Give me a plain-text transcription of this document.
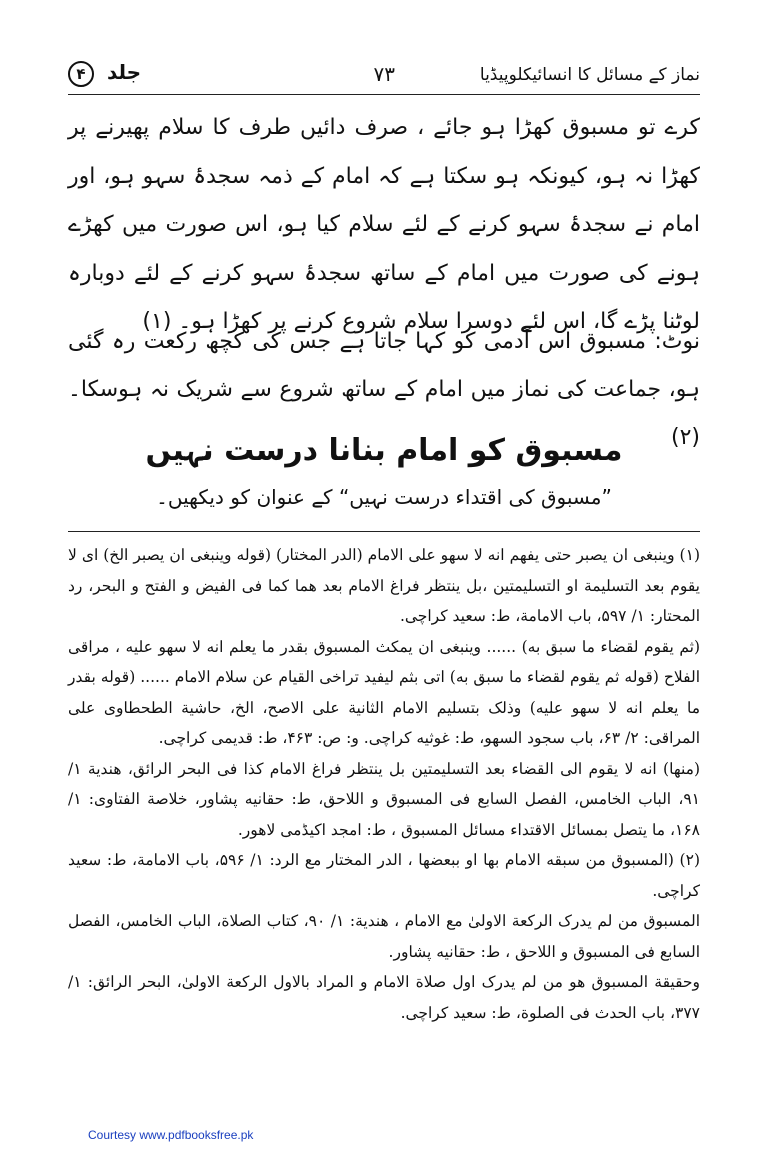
نماز کے مسائل کا انسائیکلوپیڈیا
۷۳
جلد ۴
کرے تو مسبوق کھڑا ہو جائے ، صرف دائیں طرف کا سلام پھیرنے پر کھڑا نہ ہو، کیونکہ ہو سکتا ہے کہ امام کے ذمہ سجدۂ سہو ہو، اور امام نے سجدۂ سہو کرنے کے لئے سلام کیا ہو، اس صورت میں کھڑے ہونے کی صورت میں امام کے ساتھ سجدۂ سہو کرنے کے لئے دوبارہ لوٹنا پڑے گا، اس لئے دوسرا سلام شروع کرنے پر کھڑا ہو۔ (۱)
نوٹ: مسبوق اس آدمی کو کہا جاتا ہے جس کی کچھ رکعت رہ گئی ہو، جماعت کی نماز میں امام کے ساتھ شروع سے شریک نہ ہوسکا۔ (۲)
مسبوق کو امام بنانا درست نہیں
”مسبوق کی اقتداء درست نہیں“ کے عنوان کو دیکھیں۔

(۱) وینبغی ان یصبر حتی یفهم انه لا سهو علی الامام (الدر المختار) (قوله وینبغی ان یصبر الخ) ای لا یقوم بعد التسلیمة او التسلیمتین ،بل ینتظر فراغ الامام بعد هما کما فی الفیض و الفتح و البحر، رد المحتار: ۱/ ۵۹۷، باب الامامة، ط: سعید کراچی.

(ثم یقوم لقضاء ما سبق به) ...... وینبغی ان یمکث المسبوق بقدر ما یعلم انه لا سهو علیه ، مراقی الفلاح (قوله ثم یقوم لقضاء ما سبق به) اتی بثم لیفید تراخی القیام عن سلام الامام ...... (قوله بقدر ما یعلم انه لا سهو علیه) وذلک بتسلیم الامام الثانیة علی الاصح، الخ، حاشیة الطحطاوی علی المراقی: ۲/ ۶۳، باب سجود السهو، ط: غوثیه کراچی. و: ص: ۴۶۳، ط: قدیمی کراچی.

(منها) انه لا یقوم الی القضاء بعد التسلیمتین بل ینتظر فراغ الامام کذا فی البحر الرائق، هندیة ۱/ ۹۱، الباب الخامس، الفصل السابع فی المسبوق و اللاحق، ط: حقانیه پشاور، خلاصة الفتاوی: ۱/ ۱۶۸، ما یتصل بمسائل الاقتداء مسائل المسبوق ، ط: امجد اکیڈمی لاهور.

(۲) (المسبوق من سبقه الامام بها او ببعضها ، الدر المختار مع الرد: ۱/ ۵۹۶، باب الامامة، ط: سعید کراچی.

المسبوق من لم یدرک الرکعة الاولیٰ مع الامام ، هندیة: ۱/ ۹۰، کتاب الصلاة، الباب الخامس، الفصل السابع فی المسبوق و اللاحق ، ط: حقانیه پشاور.

وحقیقة المسبوق هو من لم یدرک اول صلاة الامام و المراد بالاول الرکعة الاولیٰ، البحر الرائق: ۱/ ۳۷۷، باب الحدث فی الصلوة، ط: سعید کراچی.

Courtesy www.pdfbooksfree.pk
